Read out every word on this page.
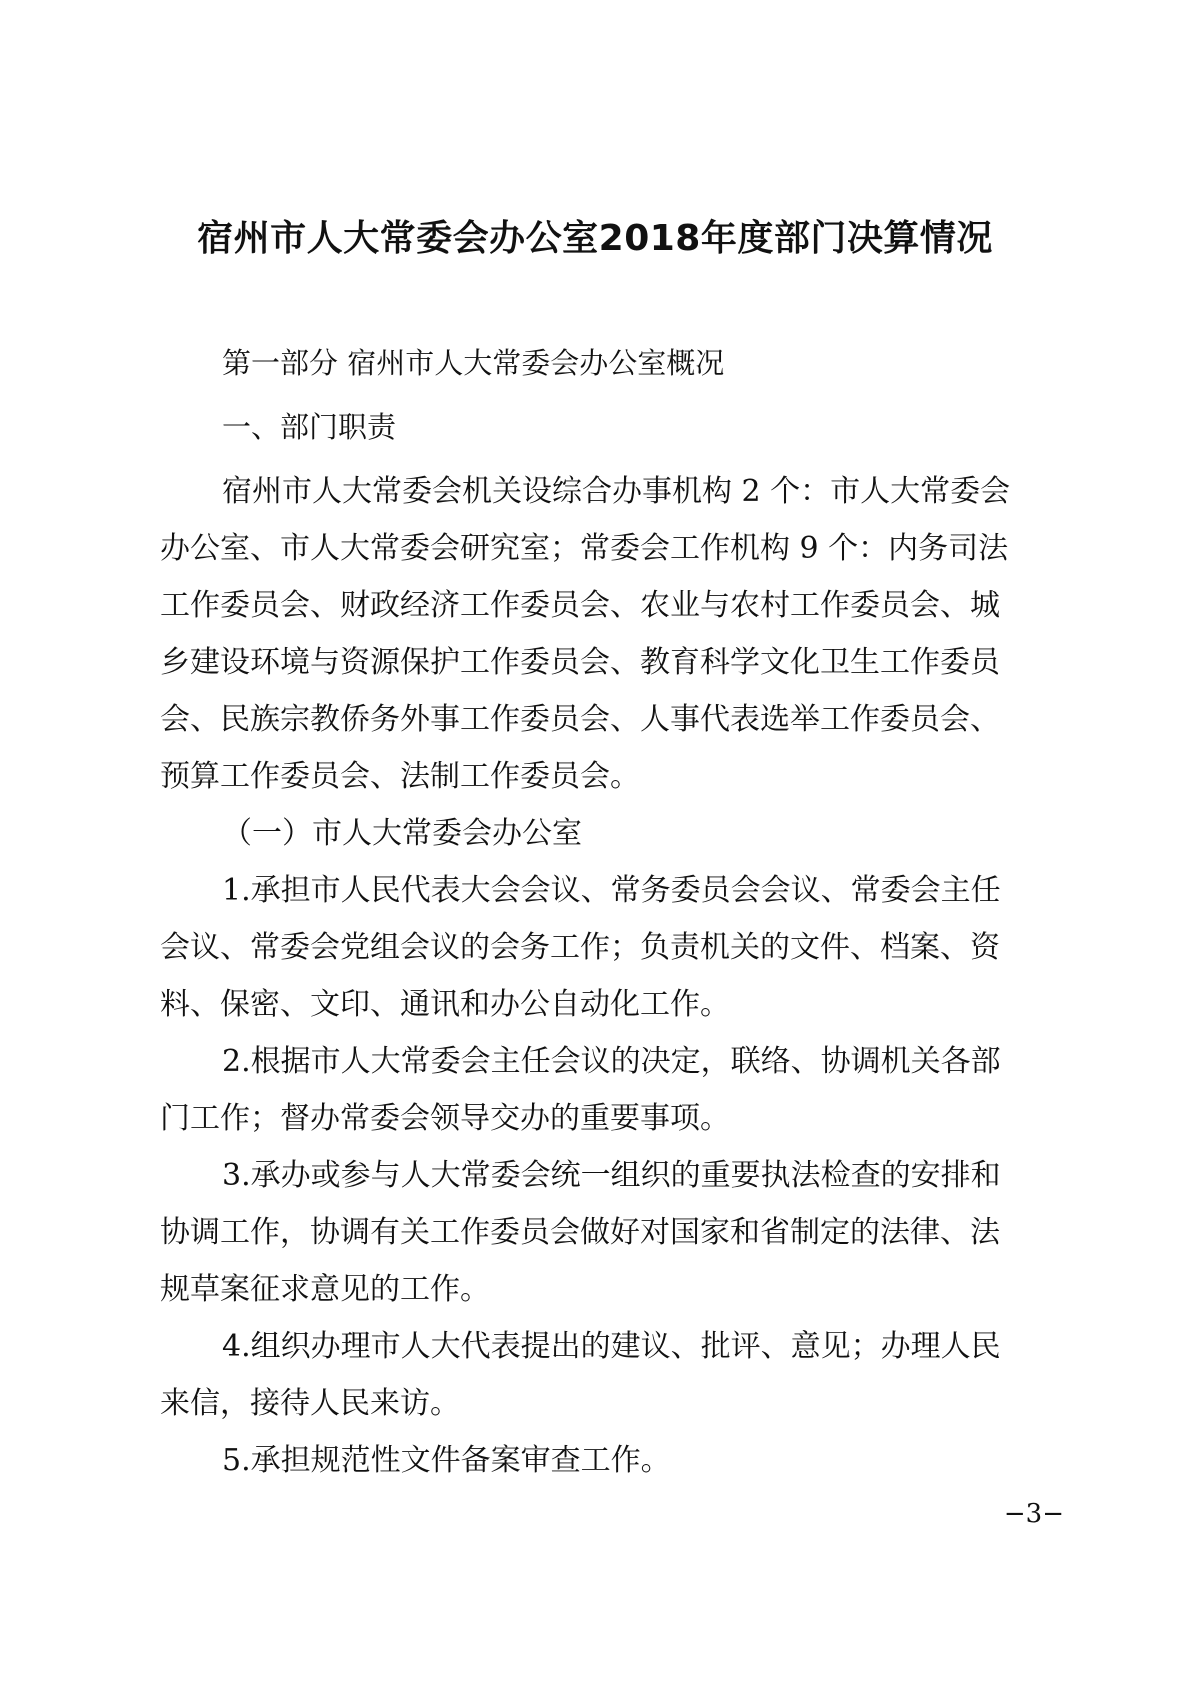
宿州市人大常委会办公室2018年度部门决算情况
第一部分 宿州市人大常委会办公室概况
一、部门职责
宿州市人大常委会机关设综合办事机构 2 个：市人大常委会
办公室、市人大常委会研究室；常委会工作机构 9 个：内务司法
工作委员会、财政经济工作委员会、农业与农村工作委员会、城
乡建设环境与资源保护工作委员会、教育科学文化卫生工作委员
会、民族宗教侨务外事工作委员会、人事代表选举工作委员会、
预算工作委员会、法制工作委员会。
（一）市人大常委会办公室
1.承担市人民代表大会会议、常务委员会会议、常委会主任
会议、常委会党组会议的会务工作；负责机关的文件、档案、资
料、保密、文印、通讯和办公自动化工作。
2.根据市人大常委会主任会议的决定，联络、协调机关各部
门工作；督办常委会领导交办的重要事项。
3.承办或参与人大常委会统一组织的重要执法检查的安排和
协调工作，协调有关工作委员会做好对国家和省制定的法律、法
规草案征求意见的工作。
4.组织办理市人大代表提出的建议、批评、意见；办理人民
来信，接待人民来访。
5.承担规范性文件备案审查工作。
−3−
